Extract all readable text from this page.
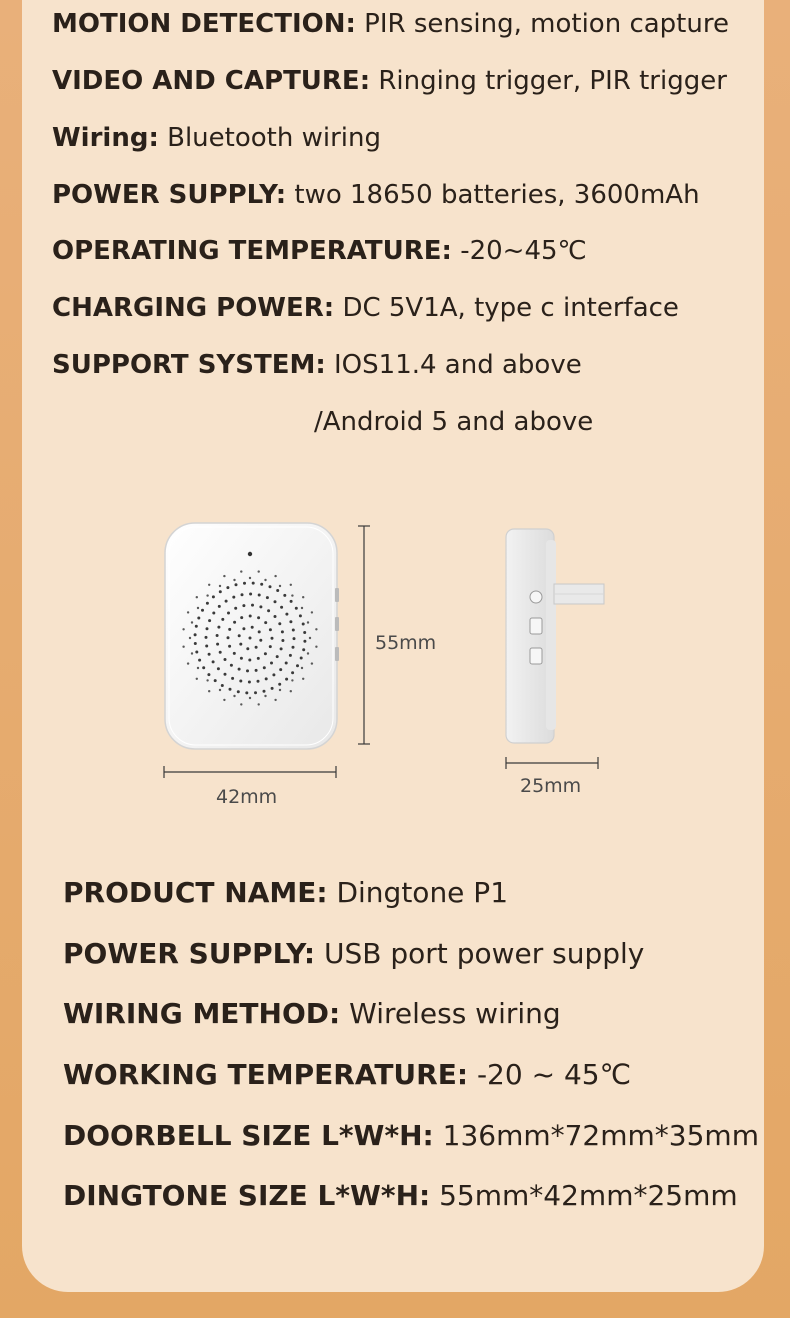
MOTION DETECTION: PIR sensing, motion capture
VIDEO AND CAPTURE: Ringing trigger, PIR trigger
Wiring: Bluetooth wiring
POWER SUPPLY: two 18650 batteries, 3600mAh
OPERATING TEMPERATURE: -20~45℃
CHARGING POWER: DC 5V1A, type c interface
SUPPORT SYSTEM: IOS11.4 and above
/Android 5 and above
55mm
42mm	25mm
PRODUCT NAME: Dingtone P1
POWER SUPPLY: USB port power supply
WIRING METHOD: Wireless wiring
WORKING TEMPERATURE: -20 ~ 45℃
DOORBELL SIZE L*W*H: 136mm*72mm*35mm
DINGTONE SIZE L*W*H: 55mm*42mm*25mm
